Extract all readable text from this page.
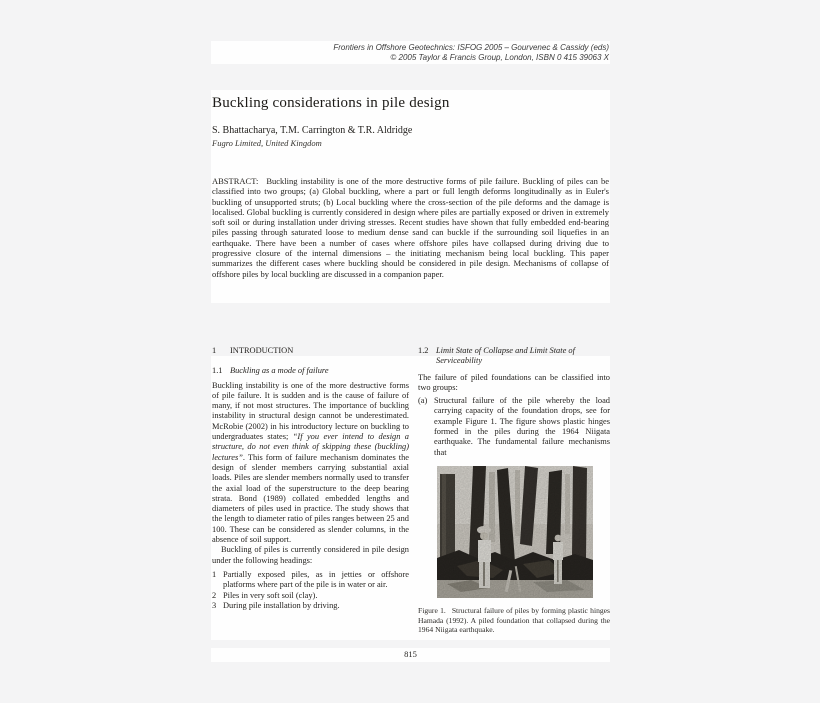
Frontiers in Offshore Geotechnics: ISFOG 2005 – Gourvenec & Cassidy (eds)
© 2005 Taylor & Francis Group, London, ISBN 0 415 39063 X
Buckling considerations in pile design
S. Bhattacharya, T.M. Carrington & T.R. Aldridge
Fugro Limited, United Kingdom

ABSTRACT: Buckling instability is one of the more destructive forms of pile failure. Buckling of piles can be classified into two groups; (a) Global buckling, where a part or full length deforms longitudinally as in Euler's buckling of unsupported struts; (b) Local buckling where the cross-section of the pile deforms and the damage is localised. Global buckling is currently considered in design where piles are partially exposed or driven in extremely soft soil or during installation under driving stresses. Recent studies have shown that fully embedded end-bearing piles passing through saturated loose to medium dense sand can buckle if the surrounding soil liquefies in an earthquake. There have been a number of cases where offshore piles have collapsed during driving due to progressive closure of the internal dimensions – the initiating mechanism being local buckling. This paper summarizes the different cases where buckling should be considered in pile design. Mechanisms of collapse of offshore piles by local buckling are discussed in a companion paper.

1	INTRODUCTION
1.1 Buckling as a mode of failure

Buckling instability is one of the more destructive forms of pile failure. It is sudden and is the cause of failure of many, if not most structures. The importance of buckling instability in structural design cannot be underestimated. McRobie (2002) in his introductory lecture on buckling to undergraduates states; “If you ever intend to design a structure, do not even think of skipping these (buckling) lectures”. This form of failure mechanism dominates the design of slender members carrying substantial axial loads. Piles are slender members normally used to transfer the axial load of the superstructure to the deep bearing strata. Bond (1989) collated embedded lengths and diameters of piles used in practice. The study shows that the length to diameter ratio of piles ranges between 25 and 100. These can be considered as slender columns, in the absence of soil support.

Buckling of piles is currently considered in pile design under the following headings:

1 Partially exposed piles, as in jetties or offshore platforms where part of the pile is in water or air.
2 Piles in very soft soil (clay).
3 During pile installation by driving.
1.2 Limit State of Collapse and Limit State of Serviceability

The failure of piled foundations can be classified into two groups:

(a) Structural failure of the pile whereby the load carrying capacity of the foundation drops, see for example Figure 1. The figure shows plastic hinges formed in the piles during the 1964 Niigata earthquake. The fundamental failure mechanisms that

Figure 1. Structural failure of piles by forming plastic hinges Hamada (1992). A piled foundation that collapsed during the 1964 Niigata earthquake.

815
